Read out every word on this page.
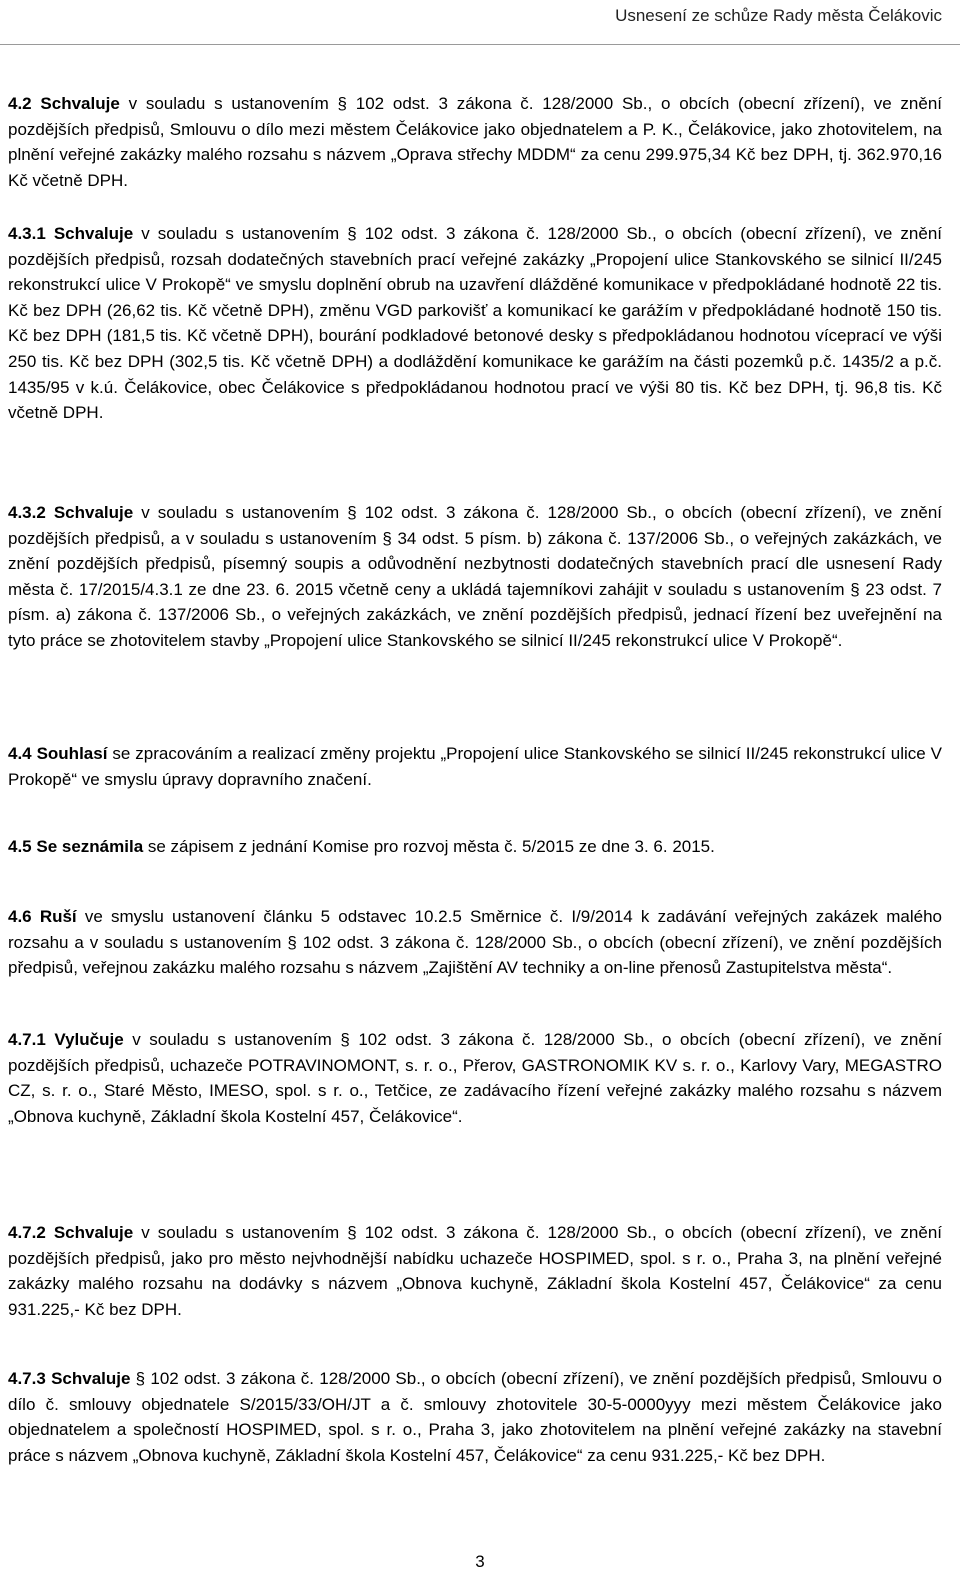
Usnesení ze schůze Rady města Čelákovic

4.2 Schvaluje v souladu s ustanovením § 102 odst. 3 zákona č. 128/2000 Sb., o obcích (obecní zřízení), ve znění pozdějších předpisů, Smlouvu o dílo mezi městem Čelákovice jako objednatelem a P. K., Čelákovice, jako zhotovitelem, na plnění veřejné zakázky malého rozsahu s názvem „Oprava střechy MDDM“ za cenu 299.975,34 Kč bez DPH, tj. 362.970,16 Kč včetně DPH.

4.3.1 Schvaluje v souladu s ustanovením § 102 odst. 3 zákona č. 128/2000 Sb., o obcích (obecní zřízení), ve znění pozdějších předpisů, rozsah dodatečných stavebních prací veřejné zakázky „Propojení ulice Stankovského se silnicí II/245 rekonstrukcí ulice V Prokopě“ ve smyslu doplnění obrub na uzavření dlážděné komunikace v předpokládané hodnotě 22 tis. Kč bez DPH (26,62 tis. Kč včetně DPH), změnu VGD parkovišť a komunikací ke garážím v předpokládané hodnotě 150 tis. Kč bez DPH (181,5 tis. Kč včetně DPH), bourání podkladové betonové desky s předpokládanou hodnotou víceprací ve výši 250 tis. Kč bez DPH (302,5 tis. Kč včetně DPH) a dodláždění komunikace ke garážím na části pozemků p.č. 1435/2 a p.č. 1435/95 v k.ú. Čelákovice, obec Čelákovice s předpokládanou hodnotou prací ve výši 80 tis. Kč bez DPH, tj. 96,8 tis. Kč včetně DPH.

4.3.2 Schvaluje v souladu s ustanovením § 102 odst. 3 zákona č. 128/2000 Sb., o obcích (obecní zřízení), ve znění pozdějších předpisů, a v souladu s ustanovením § 34 odst. 5 písm. b) zákona č. 137/2006 Sb., o veřejných zakázkách, ve znění pozdějších předpisů, písemný soupis a odůvodnění nezbytnosti dodatečných stavebních prací dle usnesení Rady města č. 17/2015/4.3.1 ze dne 23. 6. 2015 včetně ceny a ukládá tajemníkovi zahájit v souladu s ustanovením § 23 odst. 7 písm. a) zákona č. 137/2006 Sb., o veřejných zakázkách, ve znění pozdějších předpisů, jednací řízení bez uveřejnění na tyto práce se zhotovitelem stavby „Propojení ulice Stankovského se silnicí II/245 rekonstrukcí ulice V Prokopě“.

4.4 Souhlasí se zpracováním a realizací změny projektu „Propojení ulice Stankovského se silnicí II/245 rekonstrukcí ulice V Prokopě“ ve smyslu úpravy dopravního značení.

4.5 Se seznámila se zápisem z jednání Komise pro rozvoj města č. 5/2015 ze dne 3. 6. 2015.

4.6 Ruší ve smyslu ustanovení článku 5 odstavec 10.2.5 Směrnice č. I/9/2014 k zadávání veřejných zakázek malého rozsahu a v souladu s ustanovením § 102 odst. 3 zákona č. 128/2000 Sb., o obcích (obecní zřízení), ve znění pozdějších předpisů, veřejnou zakázku malého rozsahu s názvem „Zajištění AV techniky a on-line přenosů Zastupitelstva města“.

4.7.1 Vylučuje v souladu s ustanovením § 102 odst. 3 zákona č. 128/2000 Sb., o obcích (obecní zřízení), ve znění pozdějších předpisů, uchazeče POTRAVINOMONT, s. r. o., Přerov, GASTRONOMIK KV s. r. o., Karlovy Vary, MEGASTRO CZ, s. r. o., Staré Město, IMESO, spol. s r. o., Tetčice, ze zadávacího řízení veřejné zakázky malého rozsahu s názvem „Obnova kuchyně, Základní škola Kostelní 457, Čelákovice“.

4.7.2 Schvaluje v souladu s ustanovením § 102 odst. 3 zákona č. 128/2000 Sb., o obcích (obecní zřízení), ve znění pozdějších předpisů, jako pro město nejvhodnější nabídku uchazeče HOSPIMED, spol. s r. o., Praha 3, na plnění veřejné zakázky malého rozsahu na dodávky s názvem „Obnova kuchyně, Základní škola Kostelní 457, Čelákovice“ za cenu 931.225,- Kč bez DPH.

4.7.3 Schvaluje § 102 odst. 3 zákona č. 128/2000 Sb., o obcích (obecní zřízení), ve znění pozdějších předpisů, Smlouvu o dílo č. smlouvy objednatele S/2015/33/OH/JT a č. smlouvy zhotovitele 30-5-0000yyy mezi městem Čelákovice jako objednatelem a společností HOSPIMED, spol. s r. o., Praha 3, jako zhotovitelem na plnění veřejné zakázky na stavební práce s názvem „Obnova kuchyně, Základní škola Kostelní 457, Čelákovice“ za cenu 931.225,- Kč bez DPH.

3
